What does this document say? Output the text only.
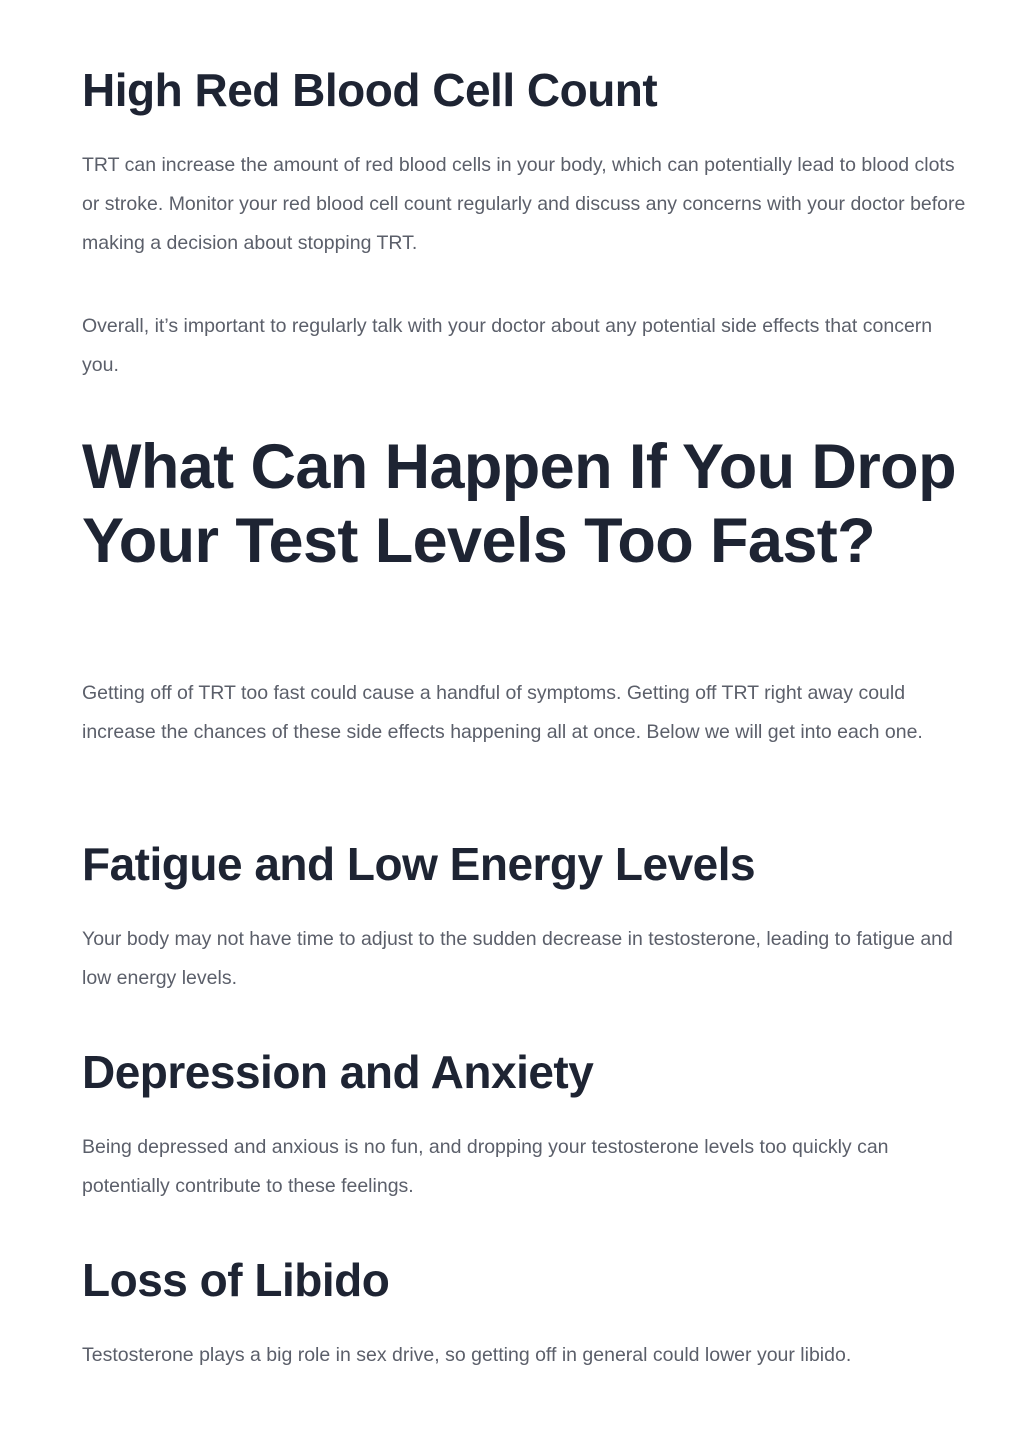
High Red Blood Cell Count

TRT can increase the amount of red blood cells in your body, which can potentially lead to blood clots or stroke. Monitor your red blood cell count regularly and discuss any concerns with your doctor before making a decision about stopping TRT.

Overall, it’s important to regularly talk with your doctor about any potential side effects that concern you.

What Can Happen If You Drop Your Test Levels Too Fast?

Getting off of TRT too fast could cause a handful of symptoms. Getting off TRT right away could increase the chances of these side effects happening all at once. Below we will get into each one.

Fatigue and Low Energy Levels

Your body may not have time to adjust to the sudden decrease in testosterone, leading to fatigue and low energy levels.

Depression and Anxiety

Being depressed and anxious is no fun, and dropping your testosterone levels too quickly can potentially contribute to these feelings.

Loss of Libido

Testosterone plays a big role in sex drive, so getting off in general could lower your libido.
